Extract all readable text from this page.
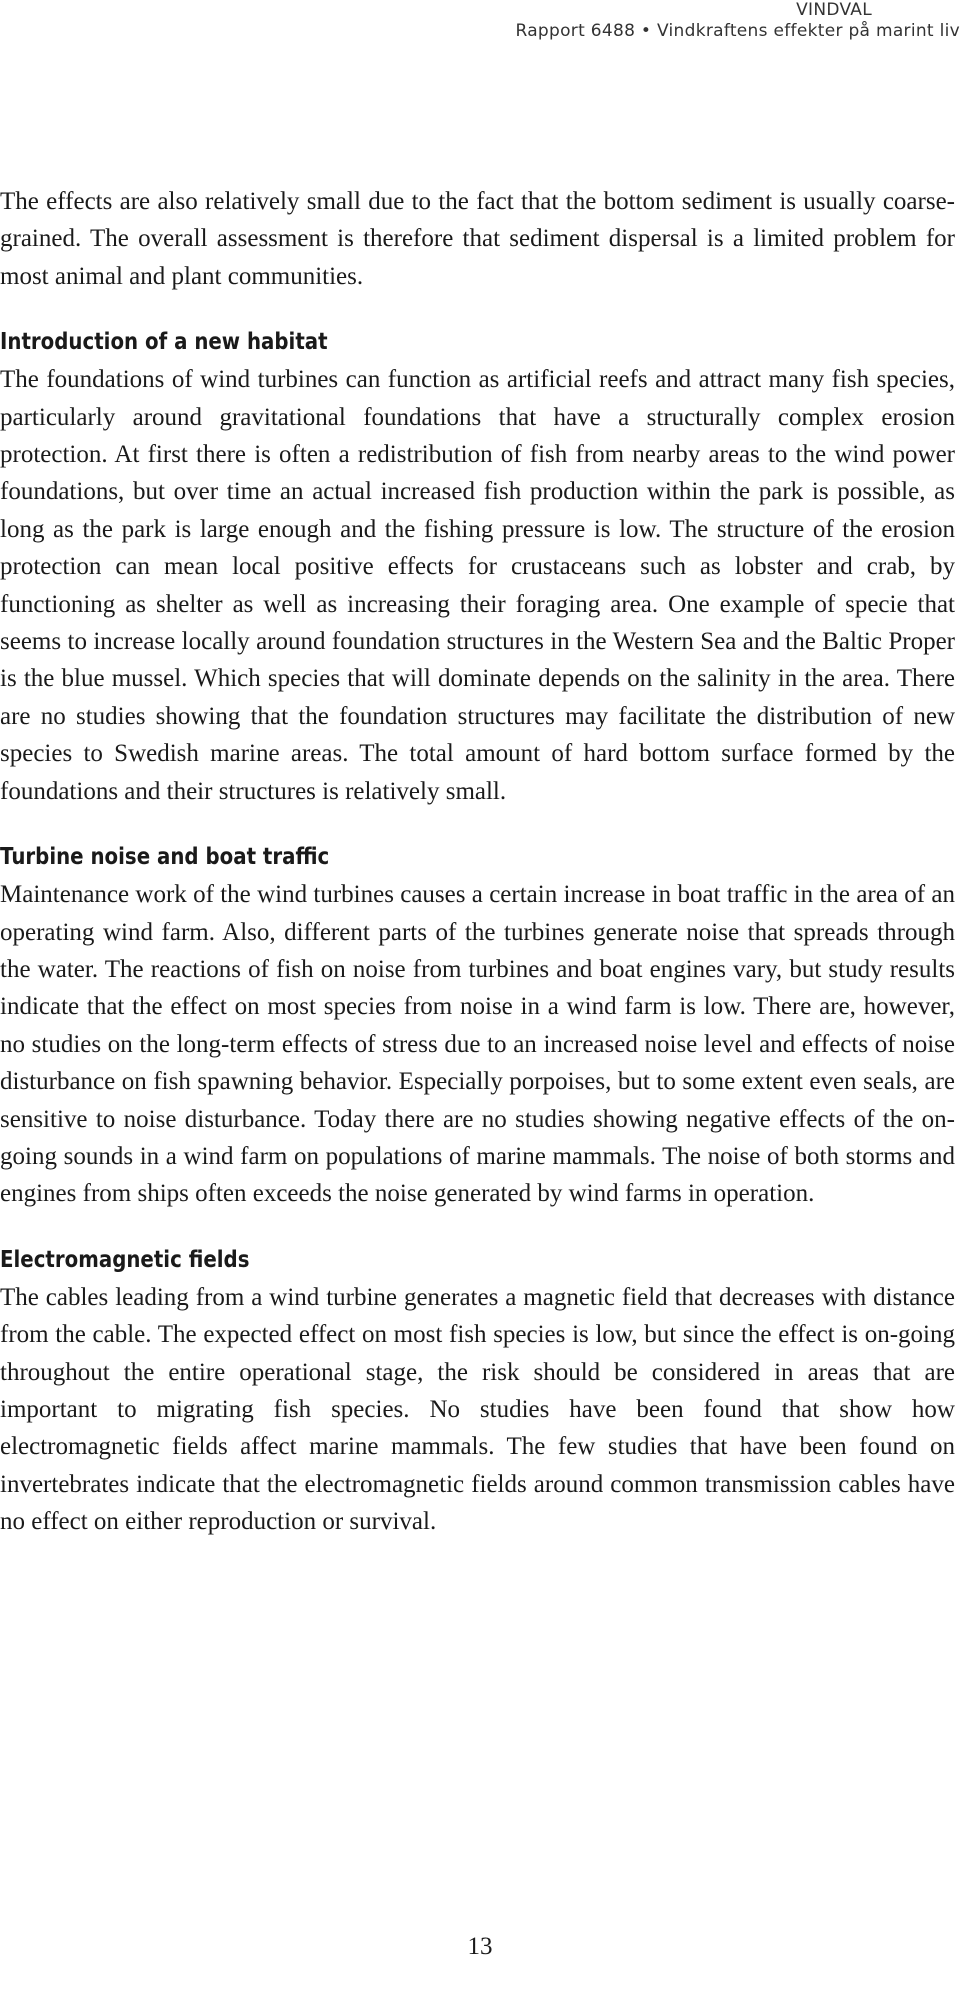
VINDVAL
Rapport 6488 • Vindkraftens effekter på marint liv

The effects are also relatively small due to the fact that the bottom sediment is usually coarse-grained. The overall assessment is therefore that sediment dispersal is a limited problem for most animal and plant communities.

Introduction of a new habitat

The foundations of wind turbines can function as artificial reefs and attract many fish species, particularly around gravitational foundations that have a structurally complex erosion protection. At first there is often a redistribution of fish from nearby areas to the wind power foundations, but over time an actual increased fish production within the park is possible, as long as the park is large enough and the fishing pressure is low. The structure of the erosion protection can mean local positive effects for crustaceans such as lobster and crab, by functioning as shelter as well as increasing their foraging area. One example of specie that seems to increase locally around foundation structures in the Western Sea and the Baltic Proper is the blue mussel. Which species that will dominate depends on the salinity in the area. There are no studies showing that the foundation structures may facilitate the distribution of new species to Swedish marine areas. The total amount of hard bottom surface formed by the foundations and their structures is relatively small.

Turbine noise and boat traffic

Maintenance work of the wind turbines causes a certain increase in boat traffic in the area of an operating wind farm. Also, different parts of the turbines generate noise that spreads through the water. The reactions of fish on noise from turbines and boat engines vary, but study results indicate that the effect on most species from noise in a wind farm is low. There are, however, no studies on the long-term effects of stress due to an increased noise level and effects of noise disturbance on fish spawning behavior. Especially porpoises, but to some extent even seals, are sensitive to noise disturbance. Today there are no studies showing negative effects of the on-going sounds in a wind farm on populations of marine mammals. The noise of both storms and engines from ships often exceeds the noise generated by wind farms in operation.

Electromagnetic fields

The cables leading from a wind turbine generates a magnetic field that decreases with distance from the cable. The expected effect on most fish species is low, but since the effect is on-going throughout the entire operational stage, the risk should be considered in areas that are important to migrating fish species. No studies have been found that show how electromagnetic fields affect marine mammals. The few studies that have been found on invertebrates indicate that the electromagnetic fields around common transmission cables have no effect on either reproduction or survival.

13
